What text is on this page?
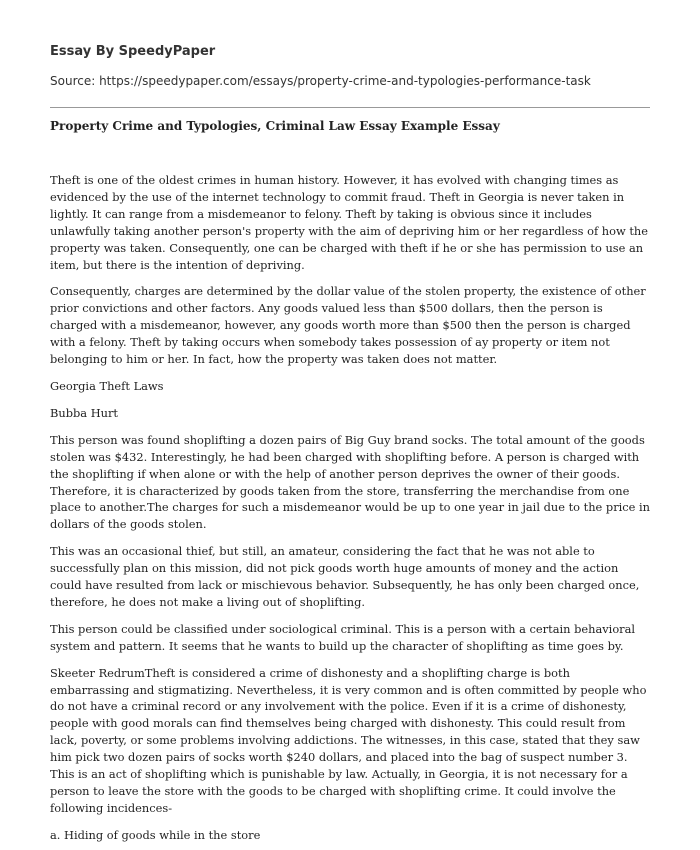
Essay By SpeedyPaper
Source: https://speedypaper.com/essays/property-crime-and-typologies-performance-task
Property Crime and Typologies, Criminal Law Essay Example Essay

Theft is one of the oldest crimes in human history. However, it has evolved with changing times as evidenced by the use of the internet technology to commit fraud. Theft in Georgia is never taken in lightly. It can range from a misdemeanor to felony. Theft by taking is obvious since it includes unlawfully taking another person's property with the aim of depriving him or her regardless of how the property was taken. Consequently, one can be charged with theft if he or she has permission to use an item, but there is the intention of depriving.

Consequently, charges are determined by the dollar value of the stolen property, the existence of other prior convictions and other factors. Any goods valued less than $500 dollars, then the person is charged with a misdemeanor, however, any goods worth more than $500 then the person is charged with a felony. Theft by taking occurs when somebody takes possession of ay property or item not belonging to him or her. In fact, how the property was taken does not matter.

Georgia Theft Laws

Bubba Hurt

This person was found shoplifting a dozen pairs of Big Guy brand socks. The total amount of the goods stolen was $432. Interestingly, he had been charged with shoplifting before. A person is charged with the shoplifting if when alone or with the help of another person deprives the owner of their goods. Therefore, it is characterized by goods taken from the store, transferring the merchandise from one place to another.The charges for such a misdemeanor would be up to one year in jail due to the price in dollars of the goods stolen.

This was an occasional thief, but still, an amateur, considering the fact that he was not able to successfully plan on this mission, did not pick goods worth huge amounts of money and the action could have resulted from lack or mischievous behavior. Subsequently, he has only been charged once, therefore, he does not make a living out of shoplifting.

This person could be classified under sociological criminal. This is a person with a certain behavioral system and pattern. It seems that he wants to build up the character of shoplifting as time goes by.

Skeeter RedrumTheft is considered a crime of dishonesty and a shoplifting charge is both embarrassing and stigmatizing. Nevertheless, it is very common and is often committed by people who do not have a criminal record or any involvement with the police. Even if it is a crime of dishonesty, people with good morals can find themselves being charged with dishonesty. This could result from lack, poverty, or some problems involving addictions. The witnesses, in this case, stated that they saw him pick two dozen pairs of socks worth $240 dollars, and placed into the bag of suspect number 3. This is an act of shoplifting which is punishable by law. Actually, in Georgia, it is not necessary for a person to leave the store with the goods to be charged with shoplifting crime. It could involve the following incidences-

a. Hiding of goods while in the store
